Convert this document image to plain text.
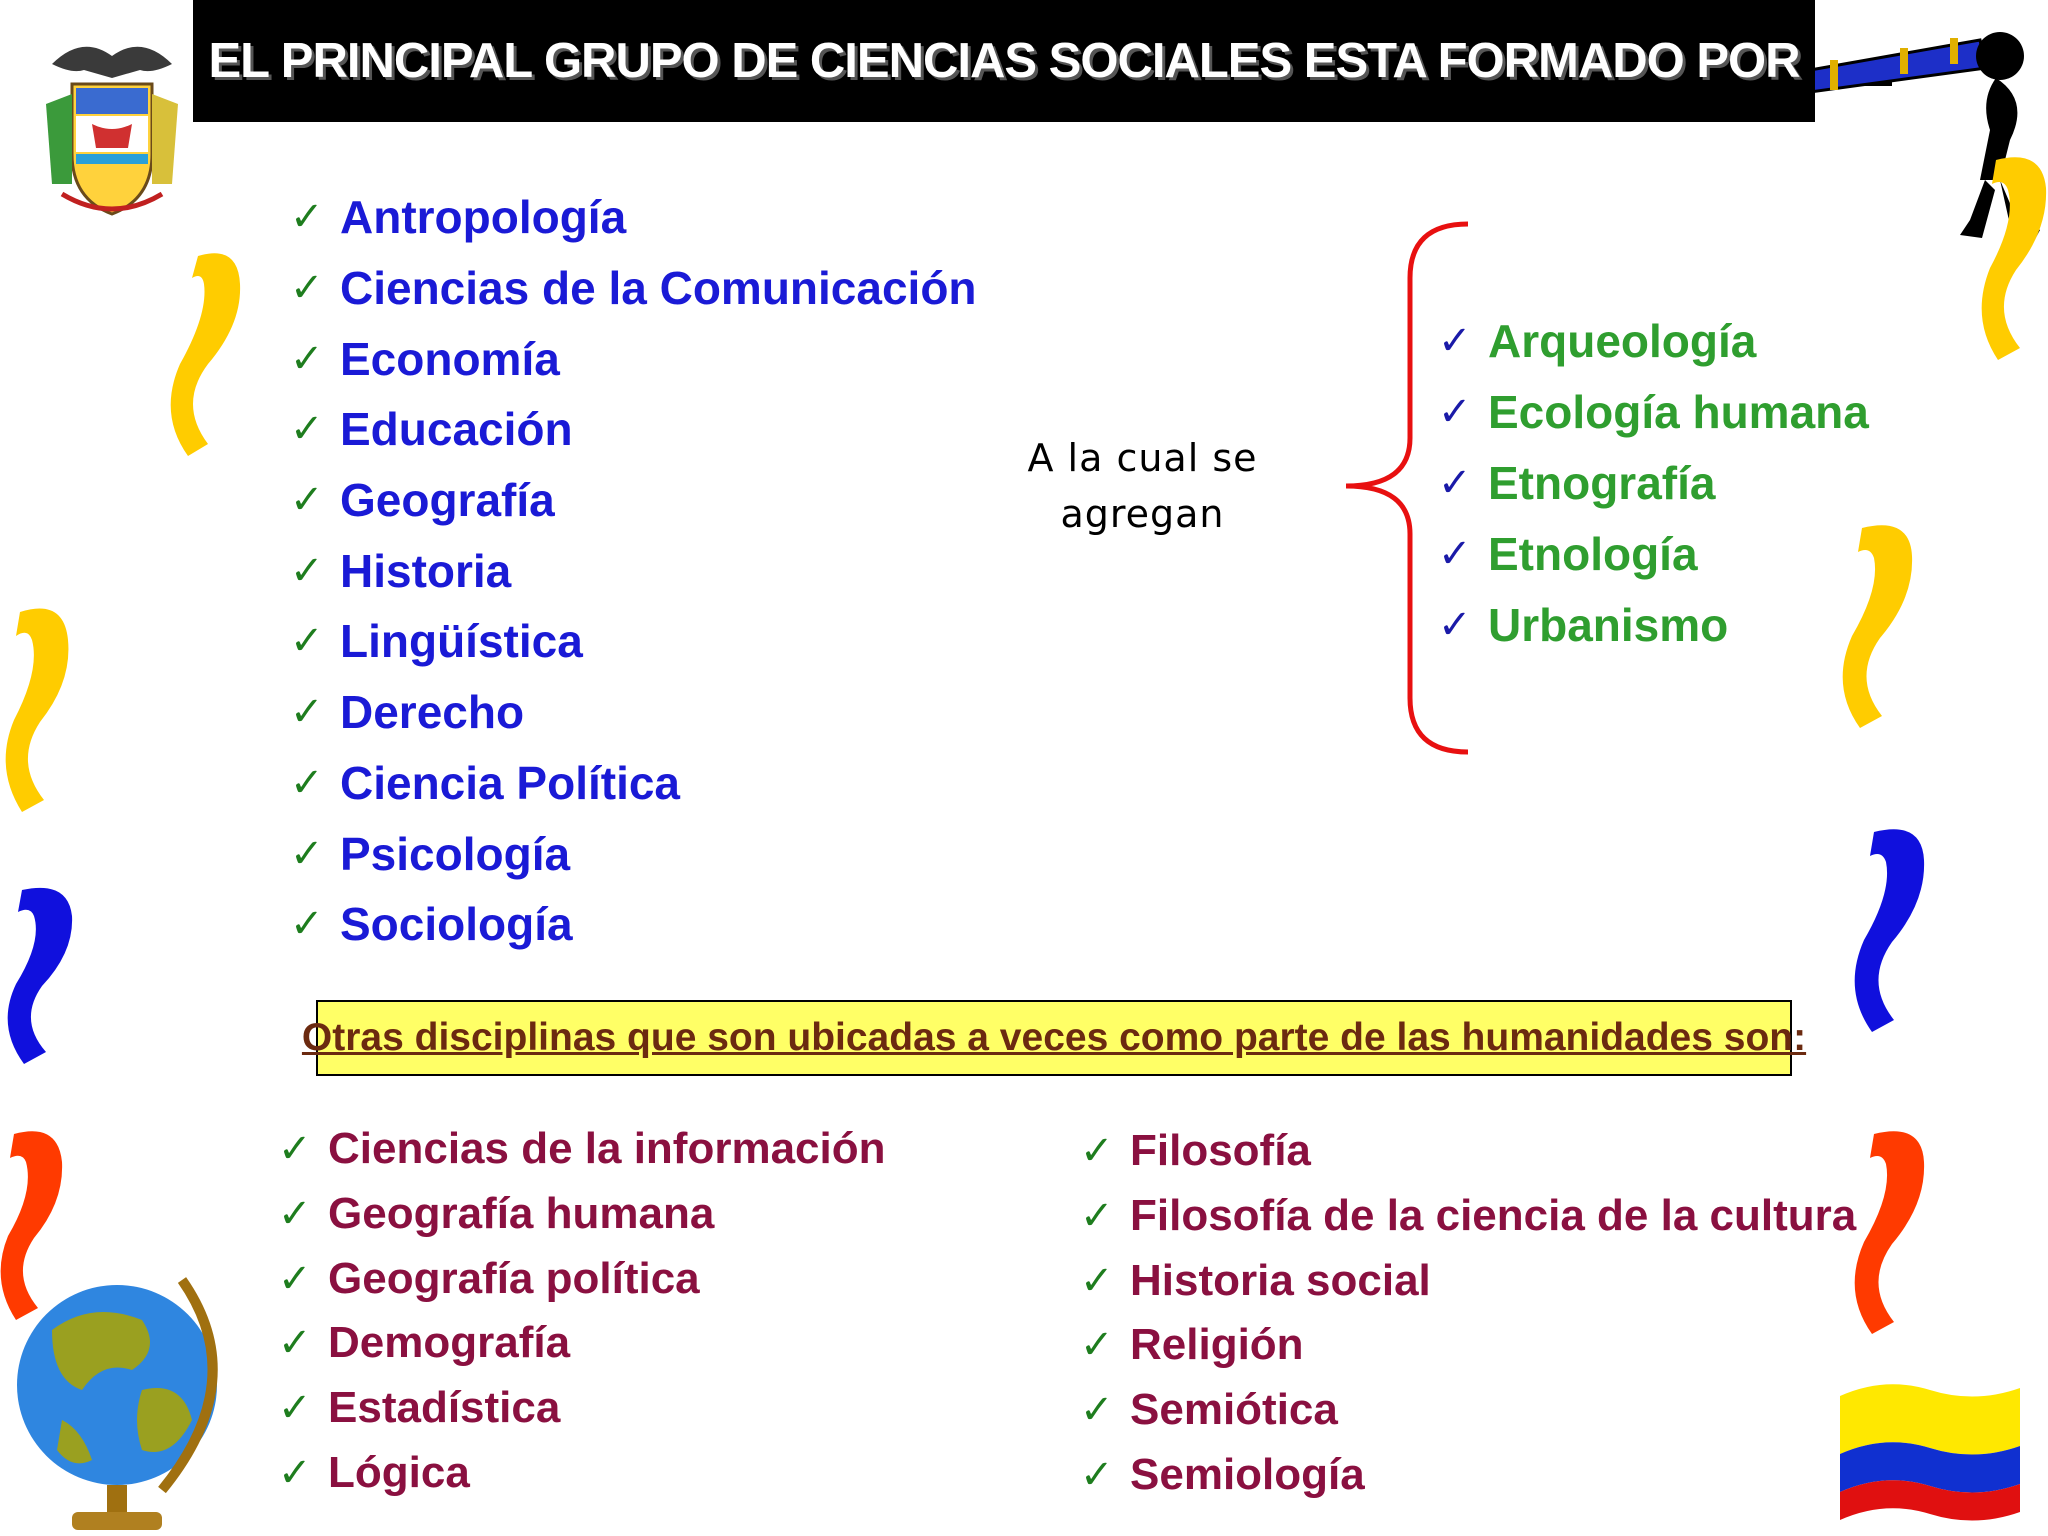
EL PRINCIPAL GRUPO DE CIENCIAS SOCIALES ESTA FORMADO POR
✓ Antropología
✓ Ciencias de la Comunicación
✓ Economía
✓ Educación
✓ Geografía
✓ Historia
✓ Lingüística
✓ Derecho
✓ Ciencia Política
✓ Psicología
✓ Sociología
A la cual se
agregan
✓ Arqueología
✓ Ecología humana
✓ Etnografía
✓ Etnología
✓ Urbanismo
Otras disciplinas que son ubicadas a veces como parte de las humanidades son:
✓ Ciencias de la información
✓ Geografía humana
✓ Geografía política
✓ Demografía
✓ Estadística
✓ Lógica
✓ Filosofía
✓ Filosofía de la ciencia de la cultura
✓ Historia social
✓ Religión
✓ Semiótica
✓ Semiología
